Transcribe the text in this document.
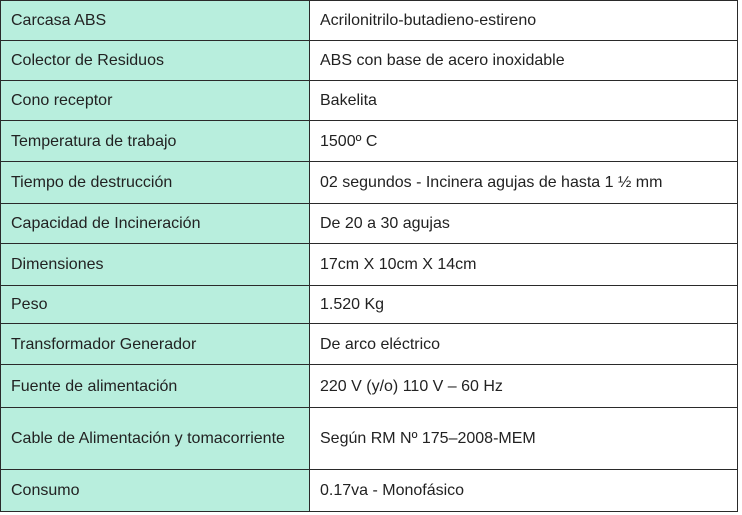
Carcasa ABS	Acrilonitrilo-butadieno-estireno
Colector de Residuos	ABS con base de acero inoxidable
Cono receptor	Bakelita
Temperatura de trabajo	1500º C
Tiempo de destrucción	02 segundos - Incinera agujas de hasta 1 ½ mm
Capacidad de Incineración	De 20 a 30 agujas
Dimensiones	17cm X 10cm X 14cm
Peso	1.520 Kg
Transformador Generador	De arco eléctrico
Fuente de alimentación	220 V (y/o) 110 V – 60 Hz
Cable de Alimentación y tomacorriente	Según RM Nº 175–2008-MEM
Consumo	0.17va - Monofásico
